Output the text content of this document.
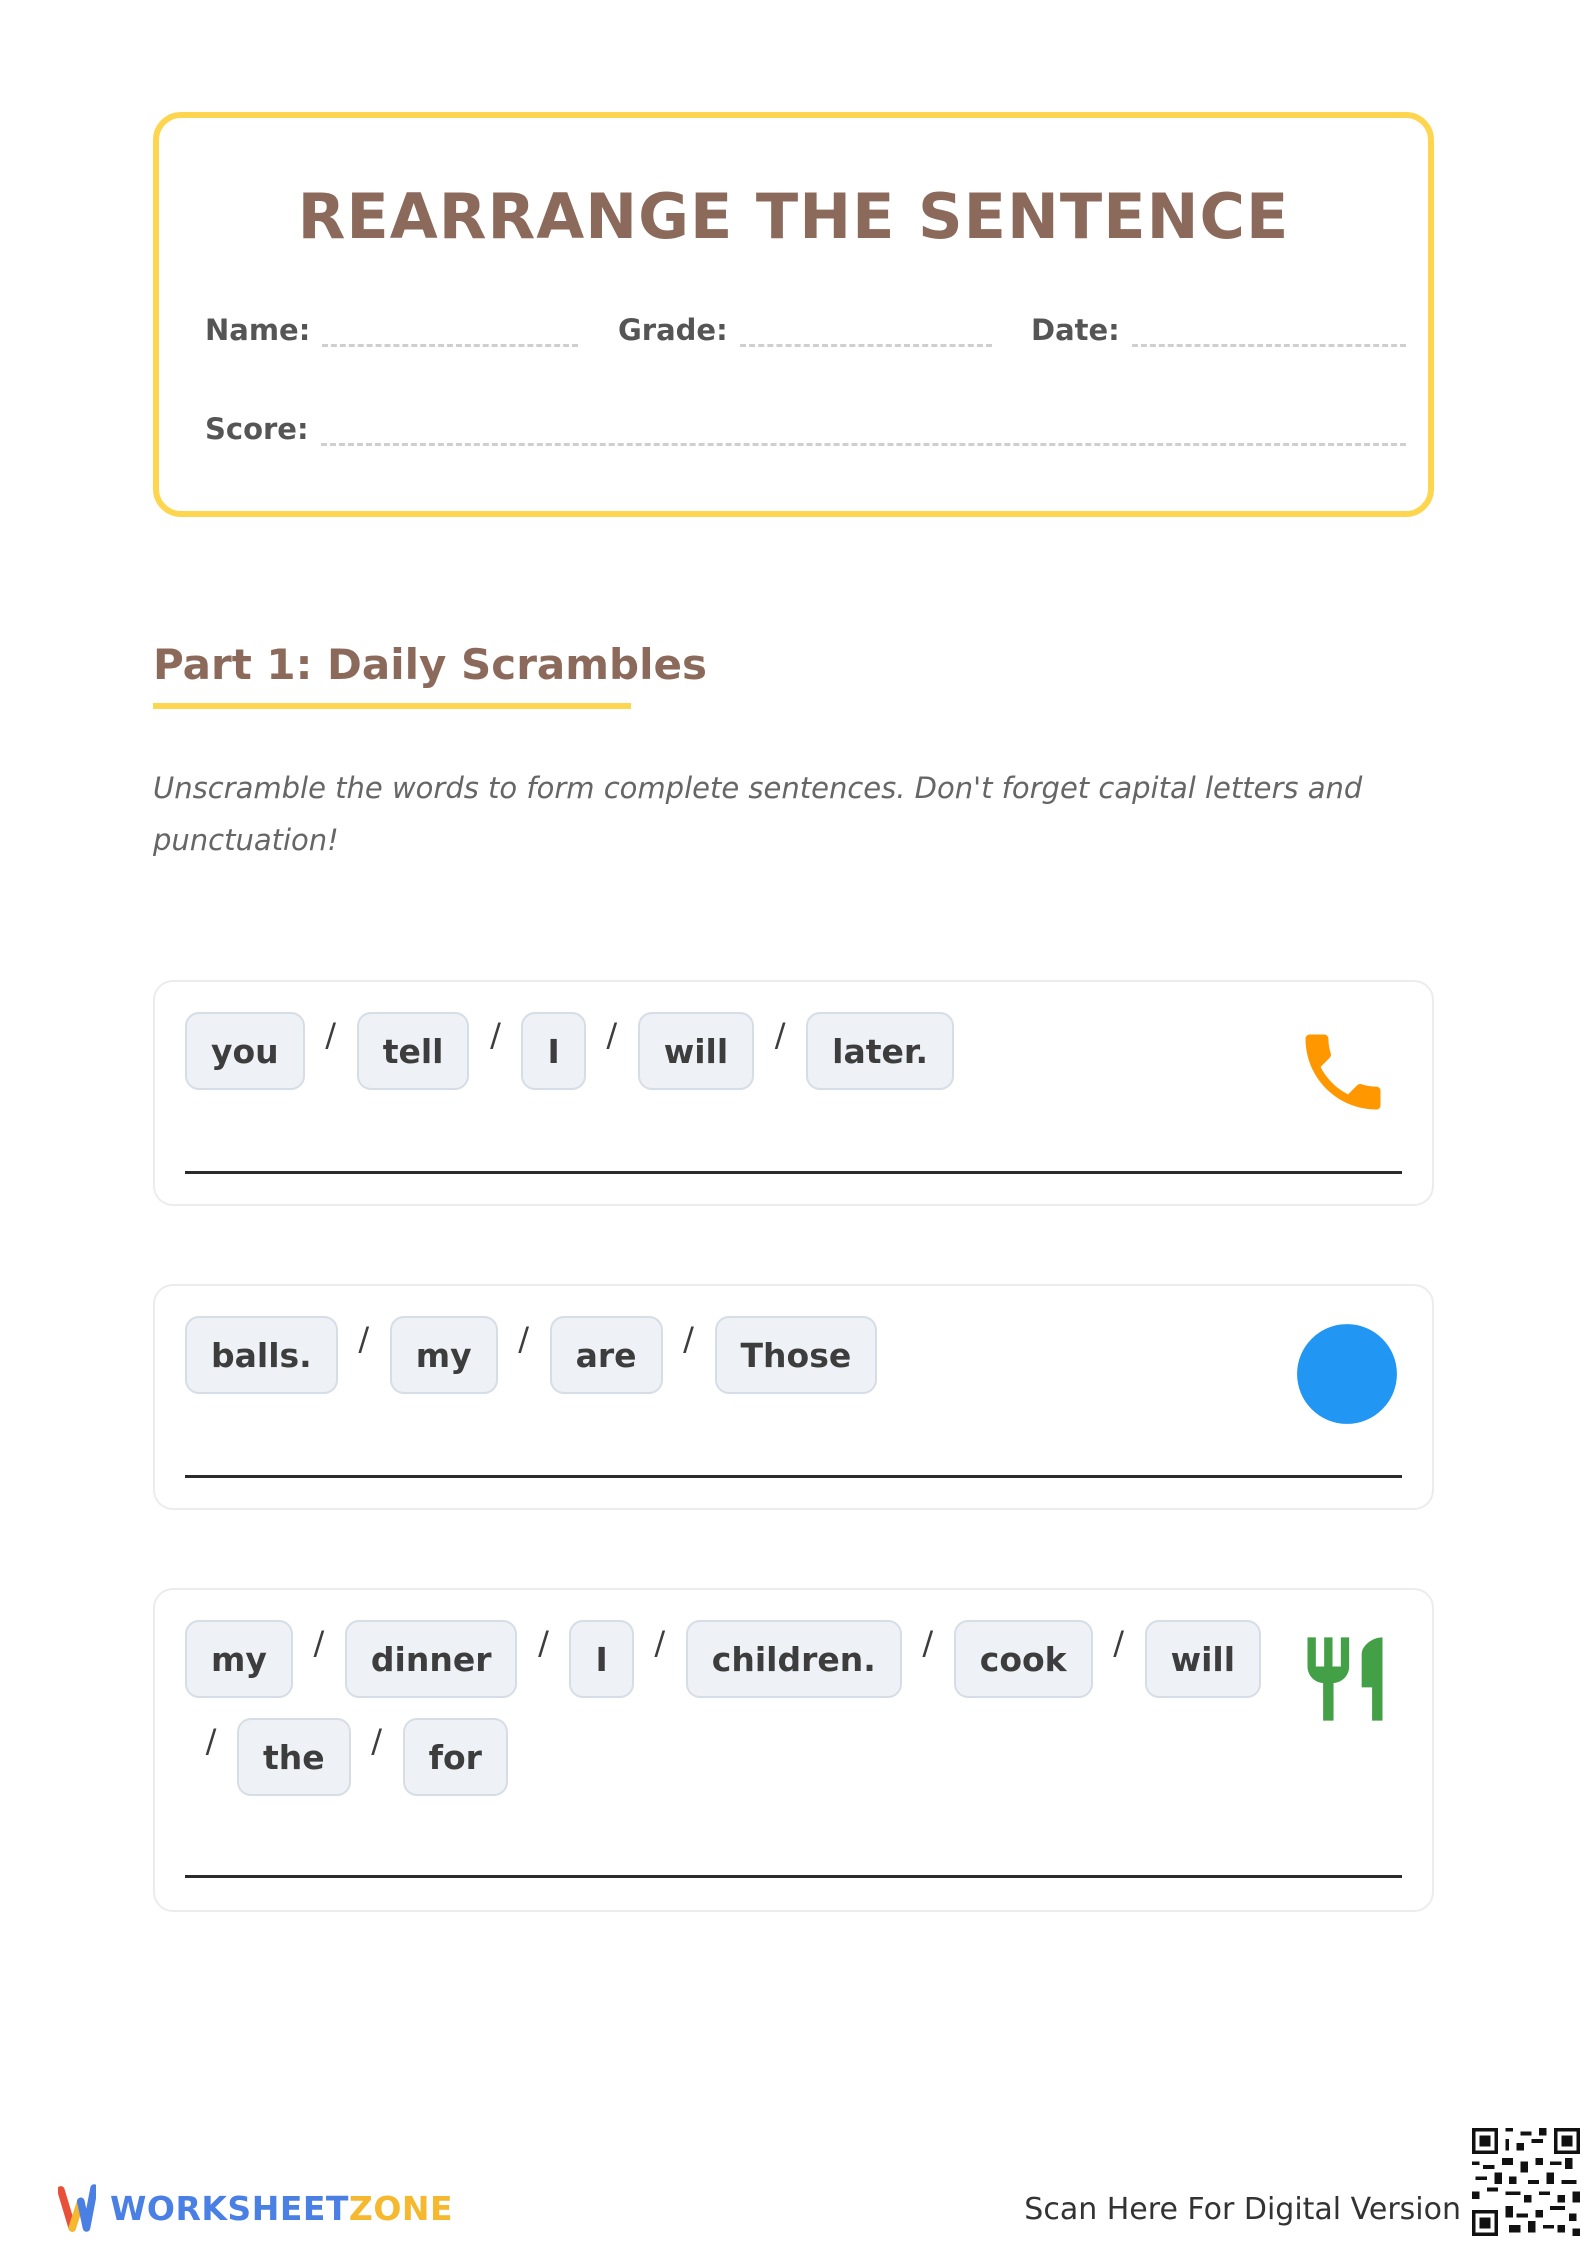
REARRANGE THE SENTENCE
Name:	Grade:	Date:
Score:
Part 1: Daily Scrambles
Unscramble the words to form complete sentences. Don't forget capital letters and punctuation!
you	/	tell	/	I	/	will	/	later.
balls.	/	my	/	are	/	Those
my	/	dinner	/	I	/	children.	/	cook	/	will
/	the	/	for
WORKSHEETZONE	Scan Here For Digital Version
